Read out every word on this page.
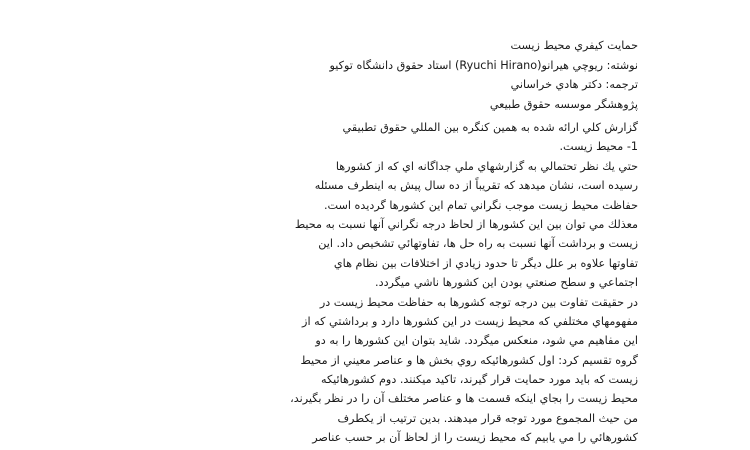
حمايت کيفري محيط زيست
نوشته: ريوچي هيرانو(Ryuchi Hirano) استاد حقوق دانشگاه توکيو
ترجمه: دکتر هادي خراساني
پژوهشگر موسسه حقوق طبيعي
گزارش کلي ارائه شده به همين کنگره بين المللي حقوق تطبيقي
1- محيط زيست.
حتي يك نظر تحتمالي به گزارشهاي ملي جداگانه اي که از کشورها
رسيده است، نشان ميدهد که تقريباً از ده سال پيش به اينطرف مسئله
حفاظت محيط زيست موجب نگراني تمام اين کشورها گرديده است.
معذلك مي توان بين اين کشورها از لحاظ درجه نگراني آنها نسبت به محيط
زيست و برداشت آنها نسبت به راه حل ها، تفاوتهائي تشخيص داد. اين
تفاوتها علاوه بر علل ديگر تا حدود زيادي از اختلافات بين نظام هاي
اجتماعي و سطح صنعتي بودن اين کشورها ناشي ميگردد.
در حقيقت تفاوت بين درجه توجه کشورها به حفاظت محيط زيست در
مفهومهاي مختلفي که محيط زيست در اين کشورها دارد و برداشتي که از
اين مفاهيم مي شود، منعکس ميگردد. شايد بتوان اين کشورها را به دو
گروه تقسيم کرد: اول کشورهائيکه روي بخش ها و عناصر معيني از محيط
زيست که بايد مورد حمايت قرار گيرند، تاکيد ميکنند. دوم کشورهائيکه
محيط زيست را بجاي اينکه قسمت ها و عناصر مختلف آن را در نظر بگيرند،
من حيث المجموع مورد توجه قرار ميدهند. بدين ترتيب از يکطرف
کشورهائي را مي يابيم که محيط زيست را از لحاظ آن بر حسب عناصر
